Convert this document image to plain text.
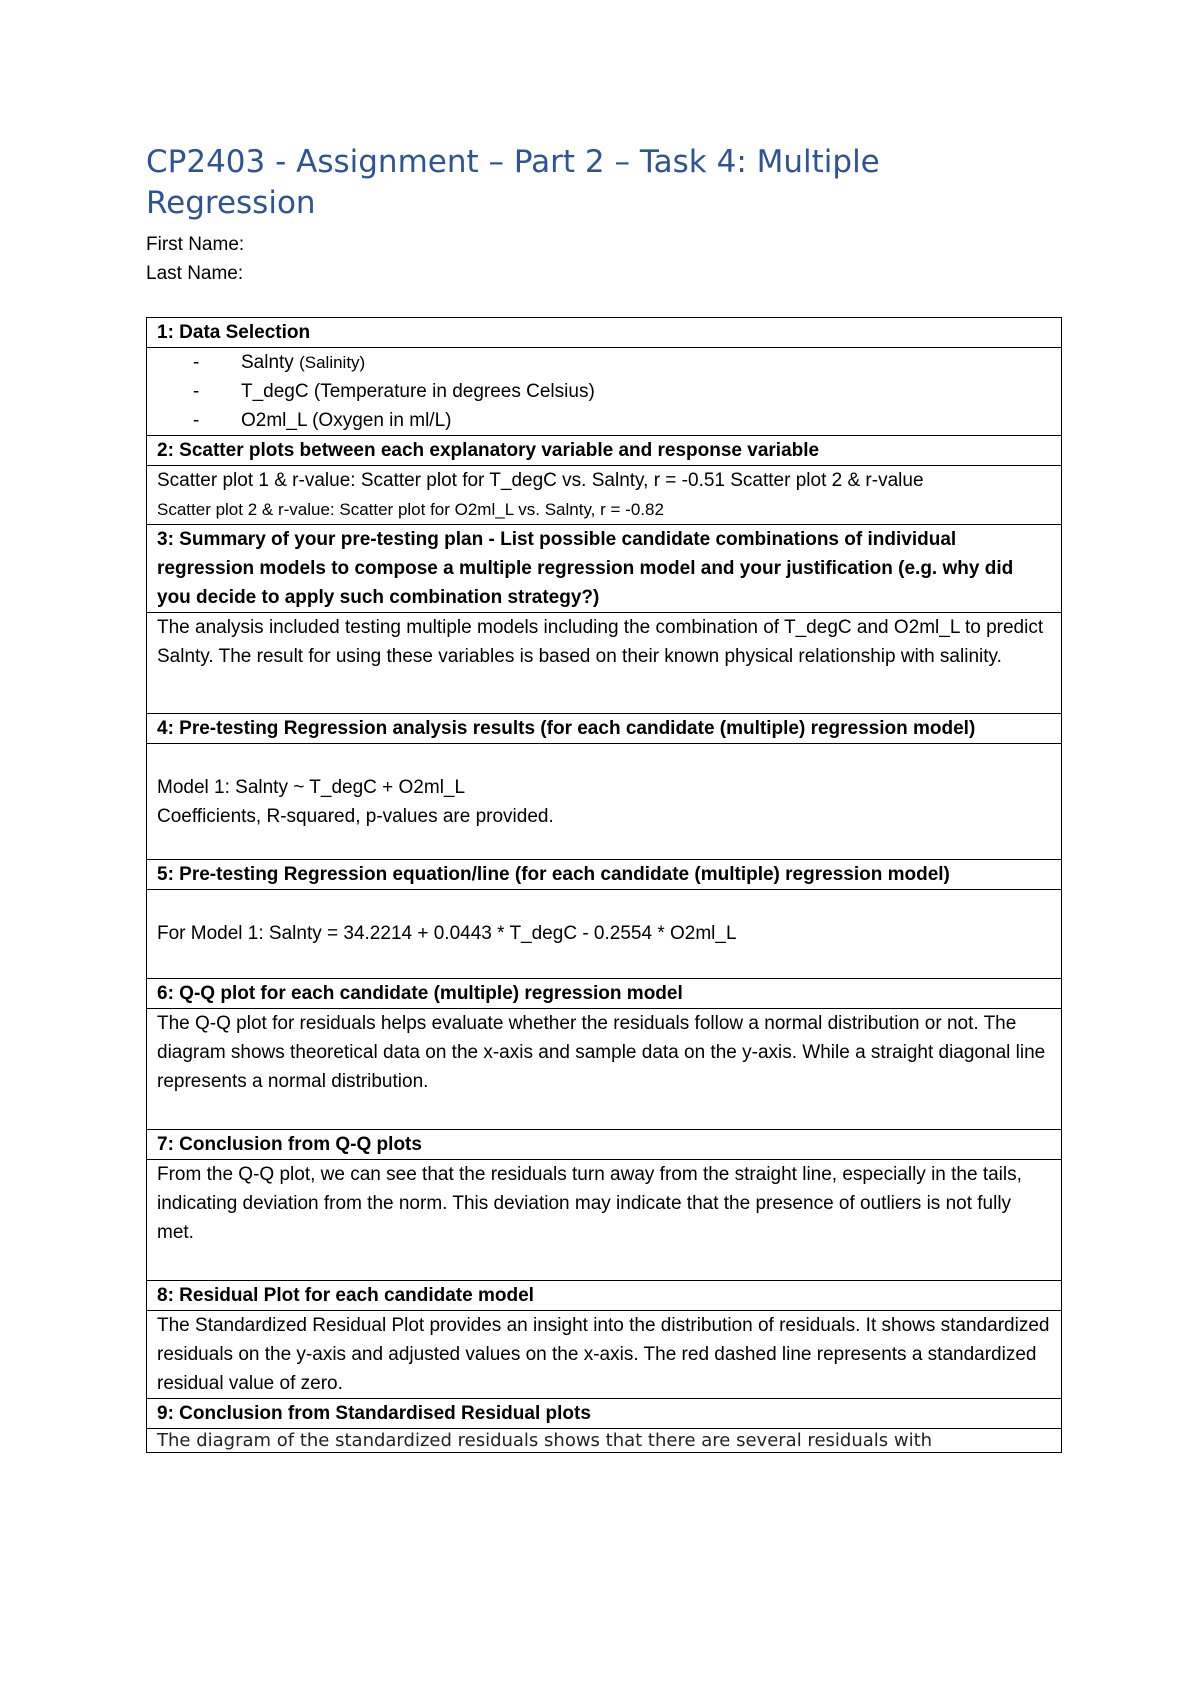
CP2403 - Assignment – Part 2 – Task 4: Multiple Regression
First Name:
Last Name:
1: Data Selection

- Salnty (Salinity)
- T_degC (Temperature in degrees Celsius)
- O2ml_L (Oxygen in ml/L)

2: Scatter plots between each explanatory variable and response variable

Scatter plot 1 & r-value: Scatter plot for T_degC vs. Salnty, r = -0.51 Scatter plot 2 & r-value
Scatter plot 2 & r-value: Scatter plot for O2ml_L vs. Salnty, r = -0.82

3: Summary of your pre-testing plan - List possible candidate combinations of individual regression models to compose a multiple regression model and your justification (e.g. why did you decide to apply such combination strategy?)
The analysis included testing multiple models including the combination of T_degC and O2ml_L to predict Salnty. The result for using these variables is based on their known physical relationship with salinity.
4: Pre-testing Regression analysis results (for each candidate (multiple) regression model)

Model 1: Salnty ~ T_degC + O2ml_L
Coefficients, R-squared, p-values are provided.

5: Pre-testing Regression equation/line (for each candidate (multiple) regression model)

For Model 1: Salnty = 34.2214 + 0.0443 * T_degC - 0.2554 * O2ml_L

6: Q-Q plot for each candidate (multiple) regression model
The Q-Q plot for residuals helps evaluate whether the residuals follow a normal distribution or not. The diagram shows theoretical data on the x-axis and sample data on the y-axis. While a straight diagonal line represents a normal distribution.
7: Conclusion from Q-Q plots
From the Q-Q plot, we can see that the residuals turn away from the straight line, especially in the tails, indicating deviation from the norm. This deviation may indicate that the presence of outliers is not fully met.
8: Residual Plot for each candidate model
The Standardized Residual Plot provides an insight into the distribution of residuals. It shows standardized residuals on the y-axis and adjusted values on the x-axis. The red dashed line represents a standardized residual value of zero.
9: Conclusion from Standardised Residual plots
The diagram of the standardized residuals shows that there are several residuals with
